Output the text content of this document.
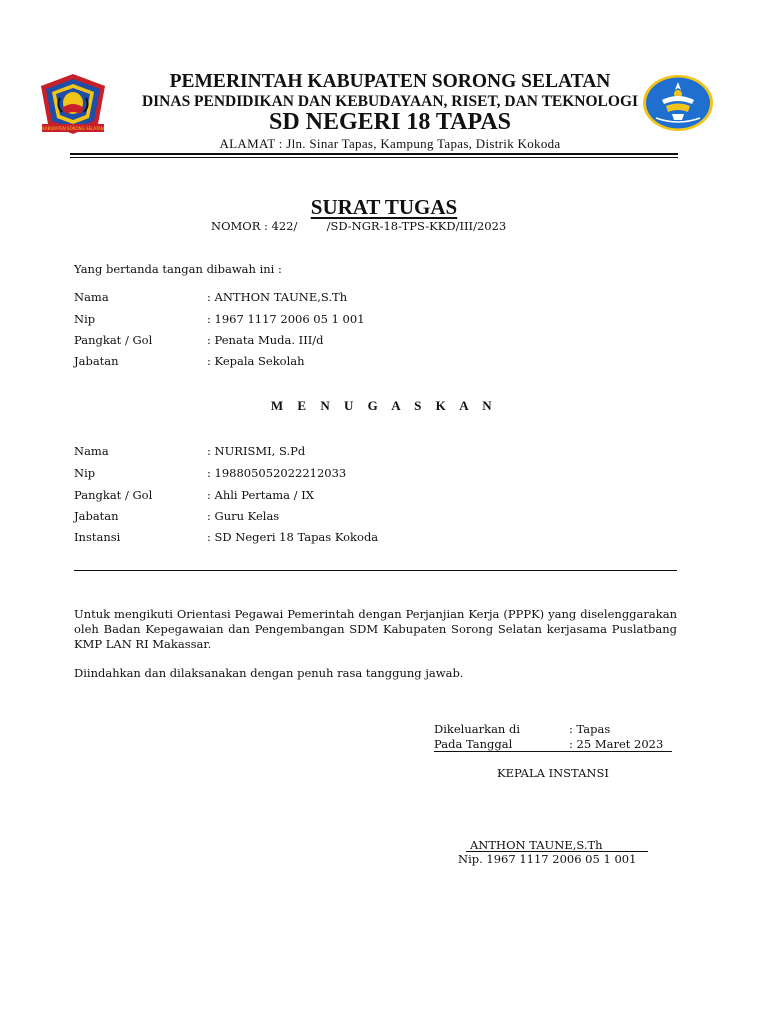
KABUPATEN SORONG SELATAN
PEMERINTAH KABUPATEN SORONG SELATAN
DINAS PENDIDIKAN DAN KEBUDAYAAN, RISET, DAN TEKNOLOGI
SD NEGERI 18 TAPAS
ALAMAT : Jln. Sinar Tapas, Kampung Tapas, Distrik Kokoda
SURAT TUGAS
NOMOR : 422/        /SD-NGR-18-TPS-KKD/III/2023
Yang bertanda tangan dibawah ini :
Nama	: ANTHON TAUNE,S.Th
Nip	: 1967 1117 2006 05 1 001
Pangkat / Gol	: Penata Muda. III/d
Jabatan	: Kepala Sekolah
M E N U G A S K A N
Nama	: NURISMI, S.Pd
Nip	: 198805052022212033
Pangkat / Gol	: Ahli Pertama / IX
Jabatan	: Guru Kelas
Instansi	: SD Negeri 18 Tapas Kokoda
Untuk mengikuti Orientasi Pegawai Pemerintah dengan Perjanjian Kerja (PPPK) yang diselenggarakan oleh Badan Kepegawaian dan Pengembangan SDM Kabupaten Sorong Selatan kerjasama Puslatbang KMP LAN RI Makassar.
Diindahkan dan dilaksanakan dengan penuh rasa tanggung jawab.
Dikeluarkan di	: Tapas
Pada Tanggal	: 25 Maret 2023
KEPALA INSTANSI
ANTHON TAUNE,S.Th
Nip. 1967 1117 2006 05 1 001
